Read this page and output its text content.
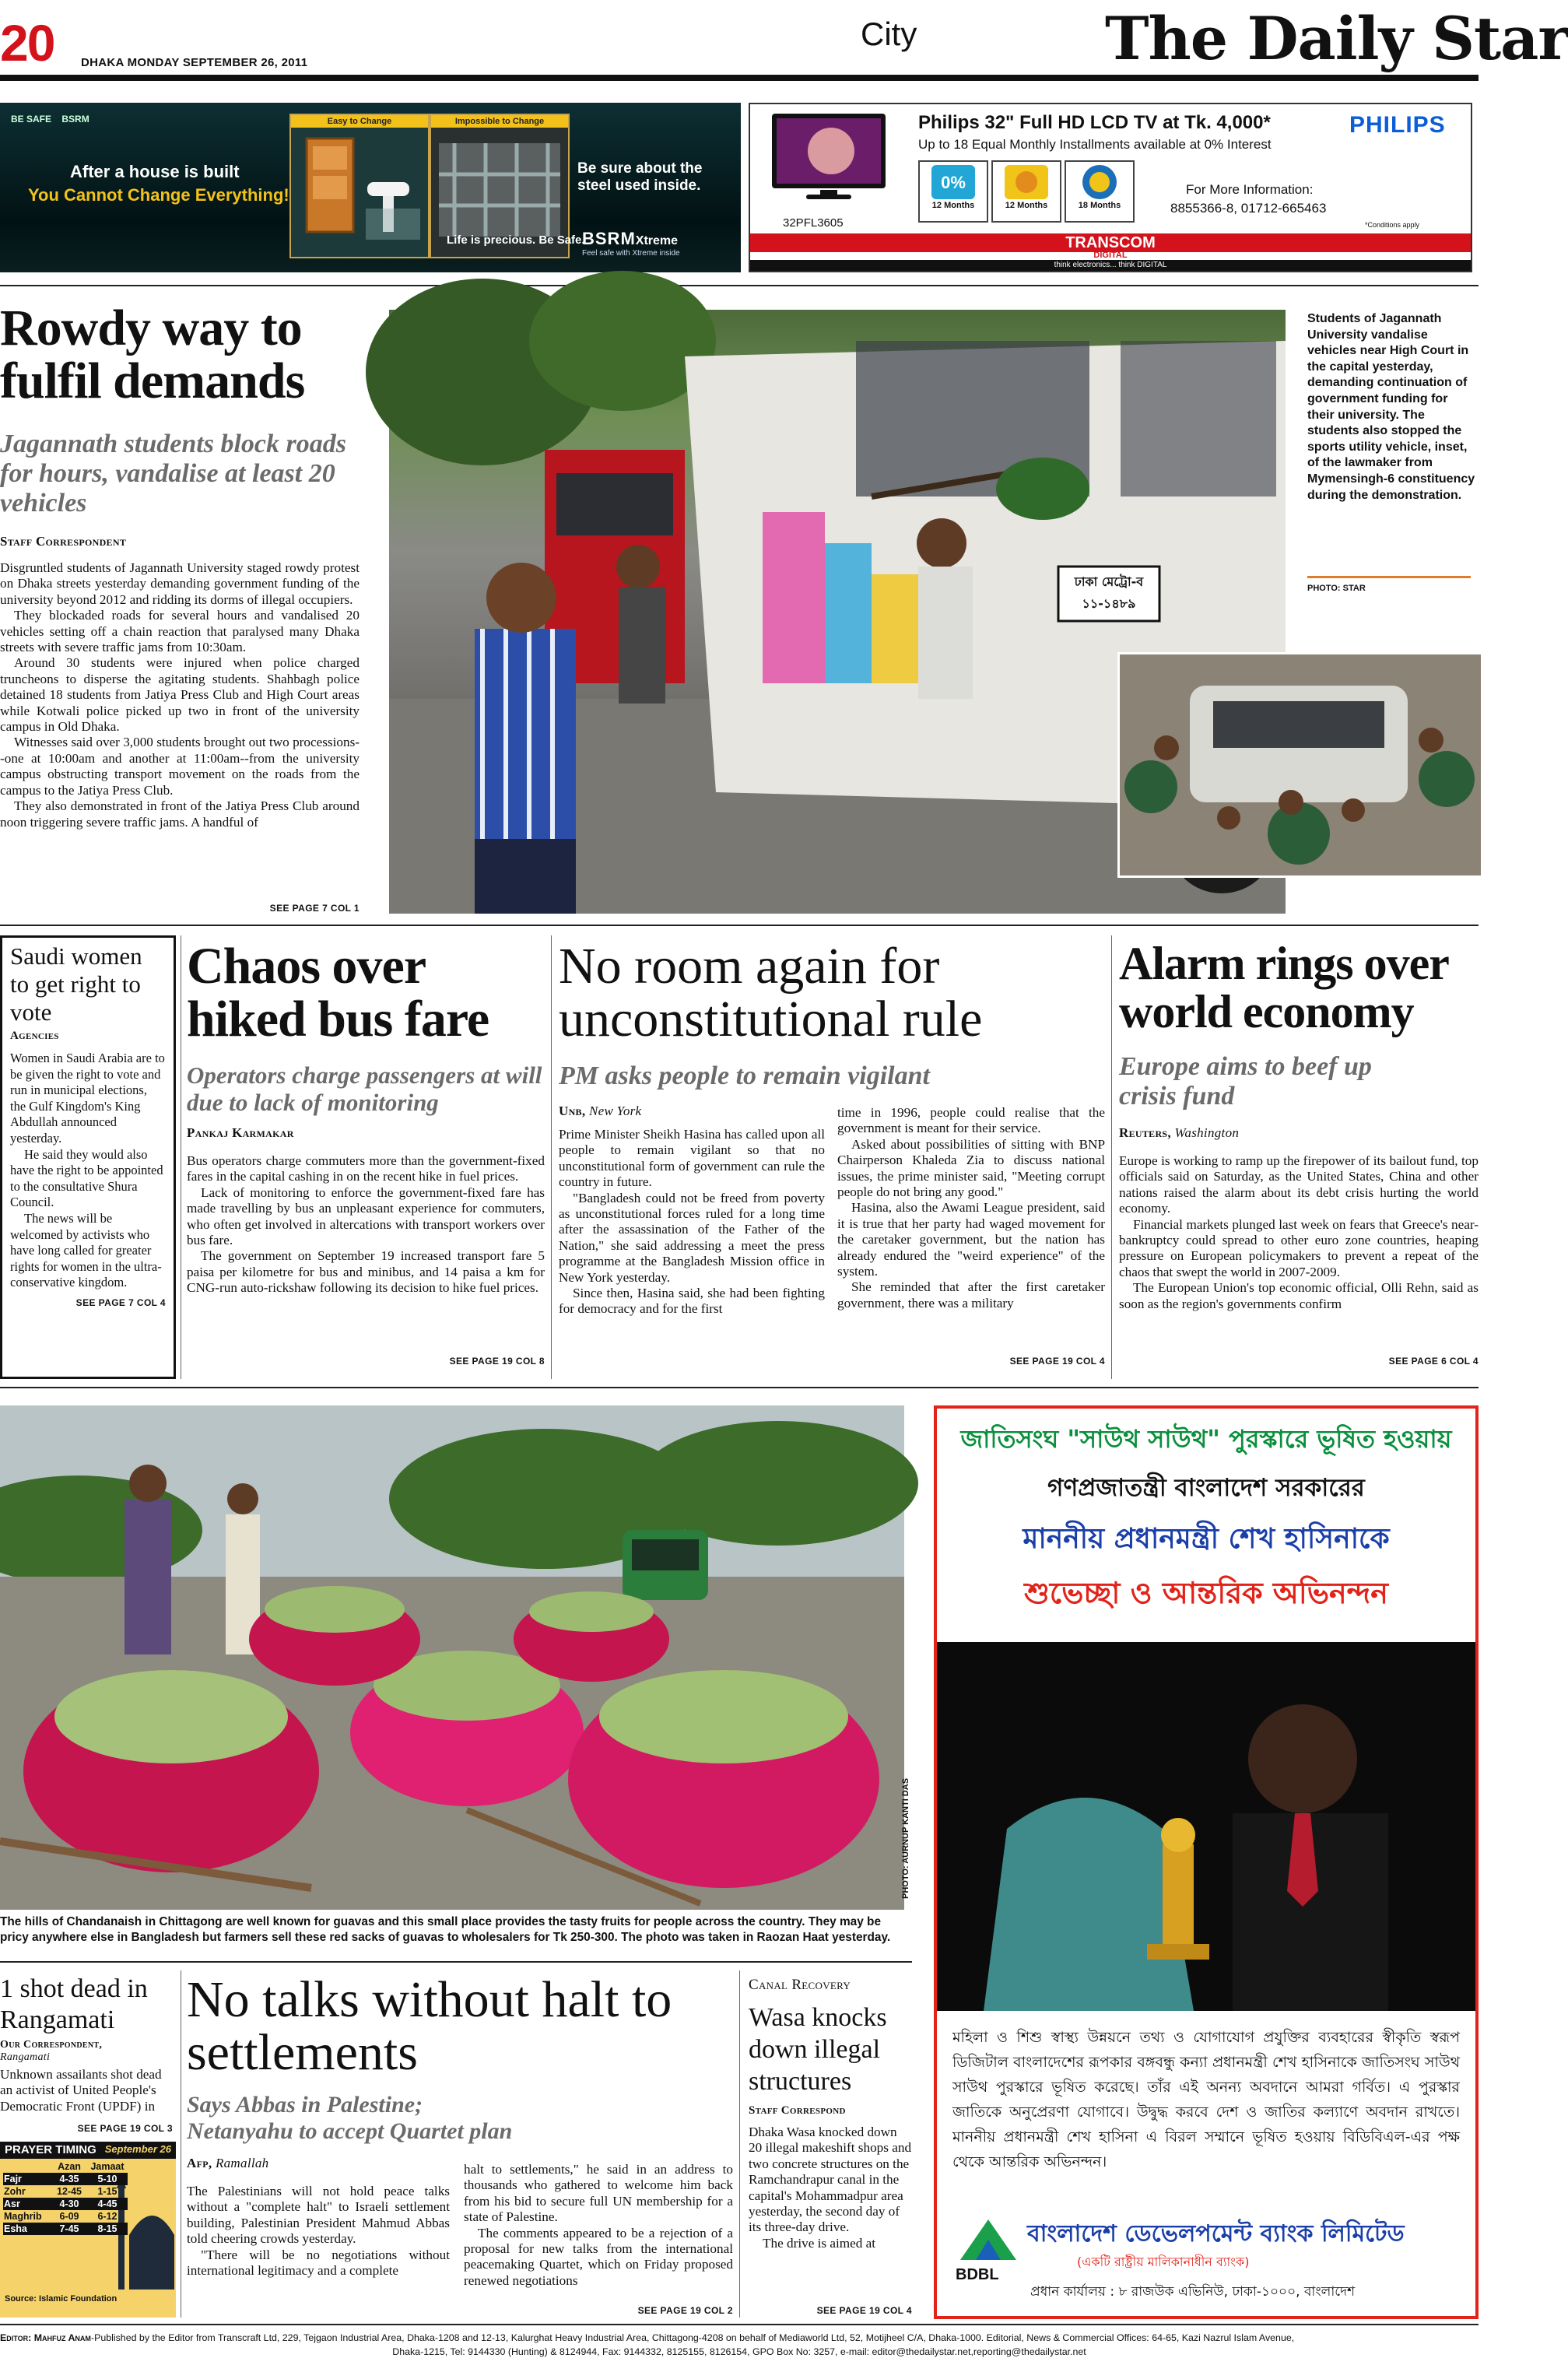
20 DHAKA MONDAY SEPTEMBER 26, 2011
City	The Daily Star
BE SAFE BSRM
After a house is built
You Cannot Change Everything!
Easy to Change	Impossible to Change
Be sure about the steel used inside.
Life is precious. Be Safe.
BSRMXtreme
Feel safe with Xtreme inside
32PFL3605
Philips 32" Full HD LCD TV at Tk. 4,000*
Up to 18 Equal Monthly Installments available at 0% Interest
PHILIPS
0%
12 Months	12 Months	18 Months
For More Information:
8855366-8, 01712-665463
*Conditions apply
TRANSCOM
DIGITAL
think electronics... think DIGITAL
Rowdy way to fulfil demands
Jagannath students block roads for hours, vandalise at least 20 vehicles
Staff Correspondent

Disgruntled students of Jagannath University staged rowdy protest on Dhaka streets yesterday demanding government funding of the university beyond 2012 and ridding its dorms of illegal occupiers.

They blockaded roads for several hours and vandalised 20 vehicles setting off a chain reaction that paralysed many Dhaka streets with severe traffic jams from 10:30am.

Around 30 students were injured when police charged truncheons to disperse the agitating students. Shahbagh police detained 18 students from Jatiya Press Club and High Court areas while Kotwali police picked up two in front of the university campus in Old Dhaka.

Witnesses said over 3,000 students brought out two processions--one at 10:00am and another at 11:00am--from the university campus obstructing transport movement on the roads from the campus to the Jatiya Press Club.

They also demonstrated in front of the Jatiya Press Club around noon triggering severe traffic jams. A handful of

SEE PAGE 7 COL 1
ঢাকা মেট্রো-ব ১১-১৪৮৯
Students of Jagannath University vandalise vehicles near High Court in the capital yesterday, demanding continuation of government funding for their university. The students also stopped the sports utility vehicle, inset, of the lawmaker from Mymensingh-6 constituency during the demonstration.
PHOTO: STAR
Saudi women to get right to vote
Agencies

Women in Saudi Arabia are to be given the right to vote and run in municipal elections, the Gulf Kingdom's King Abdullah announced yesterday.

He said they would also have the right to be appointed to the consultative Shura Council.

The news will be welcomed by activists who have long called for greater rights for women in the ultra-conservative kingdom.

SEE PAGE 7 COL 4
Chaos over hiked bus fare
Operators charge passengers at will due to lack of monitoring
Pankaj Karmakar

Bus operators charge commuters more than the government-fixed fares in the capital cashing in on the recent hike in fuel prices.

Lack of monitoring to enforce the government-fixed fare has made travelling by bus an unpleasant experience for commuters, who often get involved in altercations with transport workers over bus fare.

The government on September 19 increased transport fare 5 paisa per kilometre for bus and minibus, and 14 paisa a km for CNG-run auto-rickshaw following its decision to hike fuel prices.

SEE PAGE 19 COL 8
No room again for unconstitutional rule
PM asks people to remain vigilant
Unb, New York

Prime Minister Sheikh Hasina has called upon all people to remain vigilant so that no unconstitutional form of government can rule the country in future.

"Bangladesh could not be freed from poverty as unconstitutional forces ruled for a long time after the assassination of the Father of the Nation," she said addressing a meet the press programme at the Bangladesh Mission office in New York yesterday.

Since then, Hasina said, she had been fighting for democracy and for the first

time in 1996, people could realise that the government is meant for their service.

Asked about possibilities of sitting with BNP Chairperson Khaleda Zia to discuss national issues, the prime minister said, "Meeting corrupt people do not bring any good."

Hasina, also the Awami League president, said it is true that her party had waged movement for the caretaker government, but the nation has already endured the "weird experience" of the system.

She reminded that after the first caretaker government, there was a military

SEE PAGE 19 COL 4
Alarm rings over world economy
Europe aims to beef up crisis fund
Reuters, Washington

Europe is working to ramp up the firepower of its bailout fund, top officials said on Saturday, as the United States, China and other nations raised the alarm about its debt crisis hurting the world economy.

Financial markets plunged last week on fears that Greece's near-bankruptcy could spread to other euro zone countries, heaping pressure on European policymakers to prevent a repeat of the chaos that swept the world in 2007-2009.

The European Union's top economic official, Olli Rehn, said as soon as the region's governments confirm

SEE PAGE 6 COL 4
PHOTO: AURNUP KANTI DAS
The hills of Chandanaish in Chittagong are well known for guavas and this small place provides the tasty fruits for people across the country. They may be pricy anywhere else in Bangladesh but farmers sell these red sacks of guavas to wholesalers for Tk 250-300. The photo was taken in Raozan Haat yesterday.
জাতিসংঘ "সাউথ সাউথ" পুরস্কারে ভূষিত হওয়ায়
গণপ্রজাতন্ত্রী বাংলাদেশ সরকারের
মাননীয় প্রধানমন্ত্রী শেখ হাসিনাকে
শুভেচ্ছা ও আন্তরিক অভিনন্দন
মহিলা ও শিশু স্বাস্থ্য উন্নয়নে তথ্য ও যোগাযোগ প্রযুক্তির ব্যবহারের স্বীকৃতি স্বরূপ ডিজিটাল বাংলাদেশের রূপকার বঙ্গবন্ধু কন্যা প্রধানমন্ত্রী শেখ হাসিনাকে জাতিসংঘ সাউথ সাউথ পুরস্কারে ভূষিত করেছে। তাঁর এই অনন্য অবদানে আমরা গর্বিত। এ পুরস্কার জাতিকে অনুপ্রেরণা যোগাবে। উদ্বুদ্ধ করবে দেশ ও জাতির কল্যাণে অবদান রাখতে। মাননীয় প্রধানমন্ত্রী শেখ হাসিনা এ বিরল সম্মানে ভূষিত হওয়ায় বিডিবিএল-এর পক্ষ থেকে আন্তরিক অভিনন্দন।
BDBL
বাংলাদেশ ডেভেলপমেন্ট ব্যাংক লিমিটেড
(একটি রাষ্ট্রীয় মালিকানাধীন ব্যাংক)
প্রধান কার্যালয় : ৮ রাজউক এভিনিউ, ঢাকা-১০০০, বাংলাদেশ
1 shot dead in Rangamati
Our Correspondent,
Rangamati
Unknown assailants shot dead an activist of United People's Democratic Front (UPDF) in
SEE PAGE 19 COL 3
PRAYER TIMING September 26
	Azan	Jamaat
Fajr	4-35	5-10
Zohr	12-45	1-15
Asr	4-30	4-45
Maghrib	6-09	6-12
Esha	7-45	8-15
Source: Islamic Foundation
No talks without halt to settlements
Says Abbas in Palestine; Netanyahu to accept Quartet plan
Afp, Ramallah

The Palestinians will not hold peace talks without a "complete halt" to Israeli settlement building, Palestinian President Mahmud Abbas told cheering crowds yesterday.

"There will be no negotiations without international legitimacy and a complete

halt to settlements," he said in an address to thousands who gathered to welcome him back from his bid to secure full UN membership for a state of Palestine.

The comments appeared to be a rejection of a proposal for new talks from the international peacemaking Quartet, which on Friday proposed renewed negotiations

SEE PAGE 19 COL 2
Canal Recovery
Wasa knocks down illegal structures
Staff Correspond

Dhaka Wasa knocked down 20 illegal makeshift shops and two concrete structures on the Ramchandrapur canal in the capital's Mohammadpur area yesterday, the second day of its three-day drive.

The drive is aimed at

SEE PAGE 19 COL 4
Editor: Mahfuz Anam-Published by the Editor from Transcraft Ltd, 229, Tejgaon Industrial Area, Dhaka-1208 and 12-13, Kalurghat Heavy Industrial Area, Chittagong-4208 on behalf of Mediaworld Ltd, 52, Motijheel C/A, Dhaka-1000. Editorial, News & Commercial Offices: 64-65, Kazi Nazrul Islam Avenue,
Dhaka-1215, Tel: 9144330 (Hunting) & 8124944, Fax: 9144332, 8125155, 8126154, GPO Box No: 3257, e-mail: editor@thedailystar.net,reporting@thedailystar.net
